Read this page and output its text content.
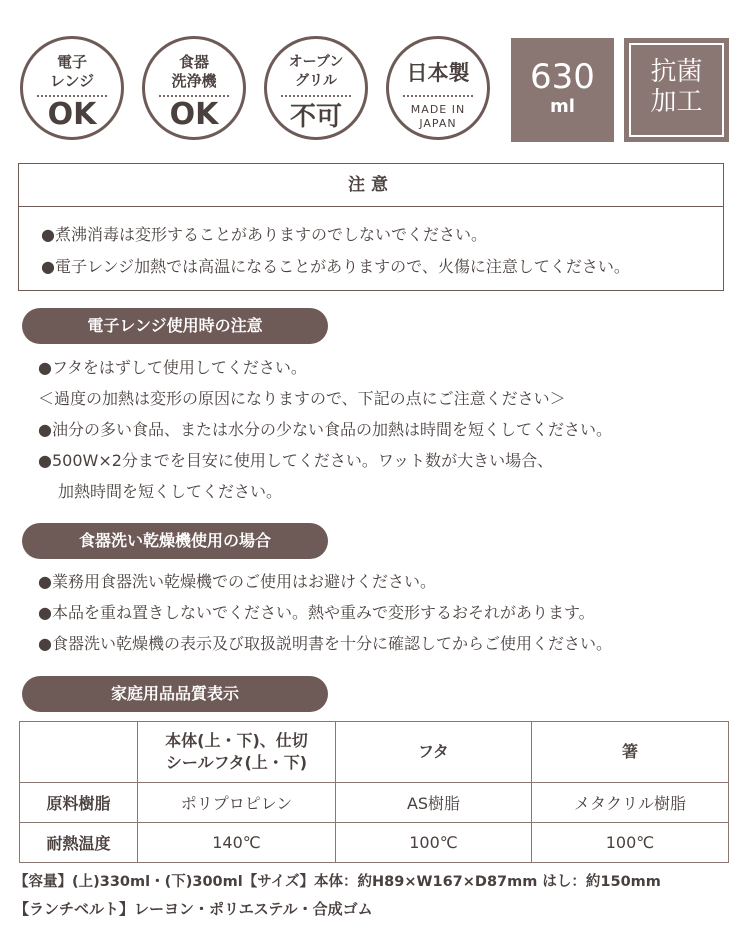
電子
レンジ
OK
食器
洗浄機
OK
オーブン
グリル
不可
日本製
MADE IN
JAPAN
630
ml
抗菌
加工
注意
●煮沸消毒は変形することがありますのでしないでください。
●電子レンジ加熱では高温になることがありますので、火傷に注意してください。
電子レンジ使用時の注意
●フタをはずして使用してください。
＜過度の加熱は変形の原因になりますので、下記の点にご注意ください＞
●油分の多い食品、または水分の少ない食品の加熱は時間を短くしてください。
●500W×2分までを目安に使用してください。ワット数が大きい場合、
加熱時間を短くしてください。
食器洗い乾燥機使用の場合
●業務用食器洗い乾燥機でのご使用はお避けください。
●本品を重ね置きしないでください。熱や重みで変形するおそれがあります。
●食器洗い乾燥機の表示及び取扱説明書を十分に確認してからご使用ください。
家庭用品品質表示
	本体(上・下)、仕切
シールフタ(上・下)	フタ	箸
原料樹脂	ポリプロピレン	AS樹脂	メタクリル樹脂
耐熱温度	140℃	100℃	100℃
【容量】(上)330ml・(下)300ml【サイズ】本体：約H89×W167×D87mm はし：約150mm
【ランチベルト】レーヨン・ポリエステル・合成ゴム
